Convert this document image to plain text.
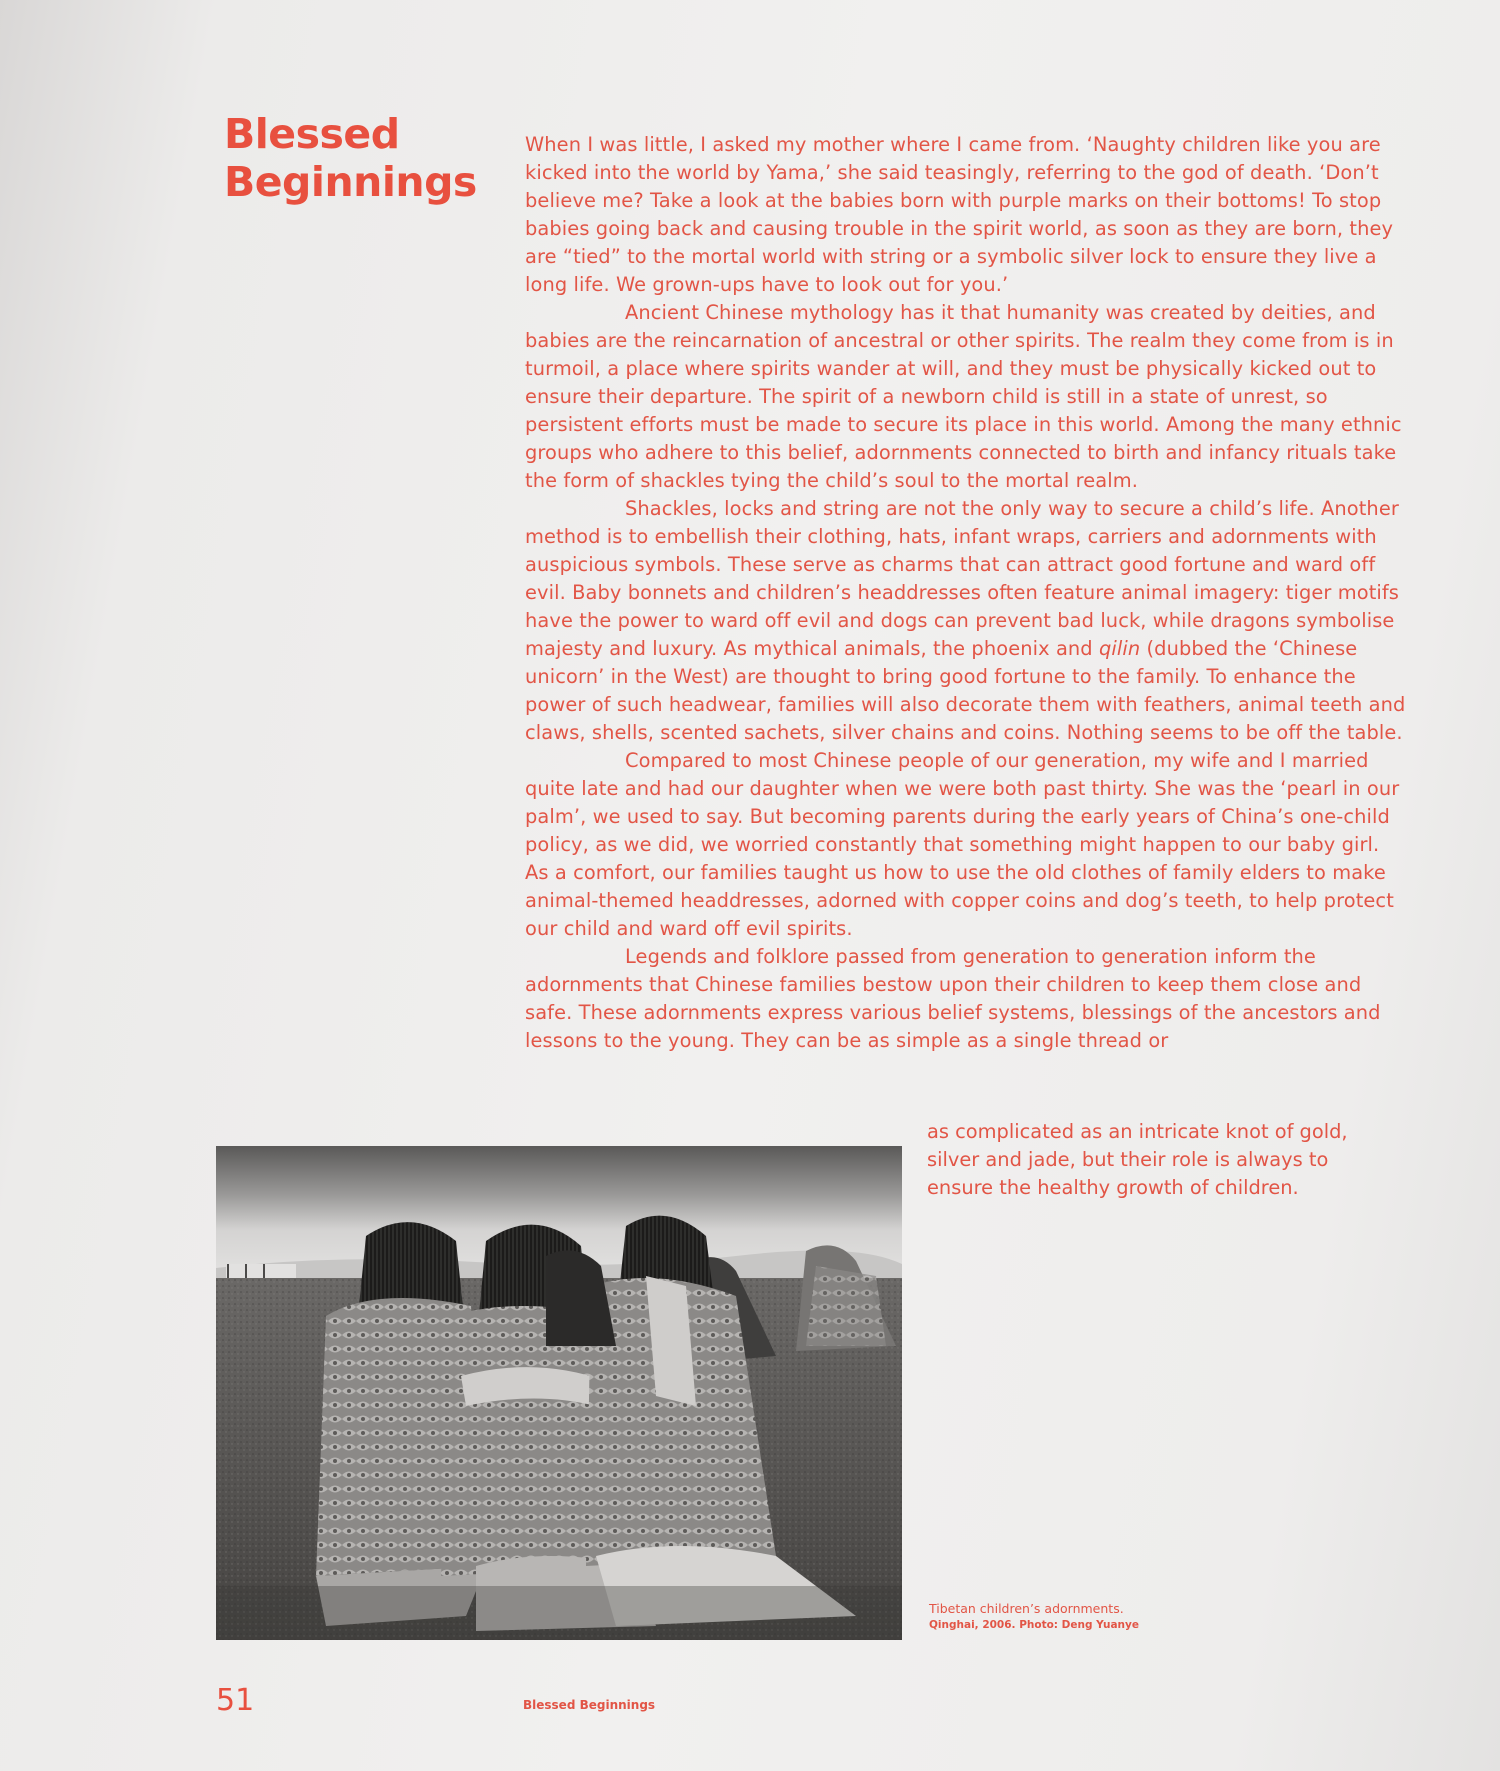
Blessed
Beginnings

When I was little, I asked my mother where I came from. ‘Naughty children like you are kicked into the world by Yama,’ she said teasingly, referring to the god of death. ‘Don’t believe me? Take a look at the babies born with purple marks on their bottoms! To stop babies going back and causing trouble in the spirit world, as soon as they are born, they are “tied” to the mortal world with string or a symbolic silver lock to ensure they live a long life. We grown-ups have to look out for you.’

Ancient Chinese mythology has it that humanity was created by deities, and babies are the reincarnation of ancestral or other spirits. The realm they come from is in turmoil, a place where spirits wander at will, and they must be physically kicked out to ensure their departure. The spirit of a newborn child is still in a state of unrest, so persistent efforts must be made to secure its place in this world. Among the many ethnic groups who adhere to this belief, adornments connected to birth and infancy rituals take the form of shackles tying the child’s soul to the mortal realm.

Shackles, locks and string are not the only way to secure a child’s life. Another method is to embellish their clothing, hats, infant wraps, carriers and adornments with auspicious symbols. These serve as charms that can attract good fortune and ward off evil. Baby bonnets and children’s headdresses often feature animal imagery: tiger motifs have the power to ward off evil and dogs can prevent bad luck, while dragons symbolise majesty and luxury. As mythical animals, the phoenix and qilin (dubbed the ‘Chinese unicorn’ in the West) are thought to bring good fortune to the family. To enhance the power of such headwear, families will also decorate them with feathers, animal teeth and claws, shells, scented sachets, silver chains and coins. Nothing seems to be off the table.

Compared to most Chinese people of our generation, my wife and I married quite late and had our daughter when we were both past thirty. She was the ‘pearl in our palm’, we used to say. But becoming parents during the early years of China’s one-child policy, as we did, we worried constantly that something might happen to our baby girl. As a comfort, our families taught us how to use the old clothes of family elders to make animal-themed headdresses, adorned with copper coins and dog’s teeth, to help protect our child and ward off evil spirits.

Legends and folklore passed from generation to generation inform the adornments that Chinese families bestow upon their children to keep them close and safe. These adornments express various belief systems, blessings of the ancestors and lessons to the young. They can be as simple as a single thread or

as complicated as an intricate knot of gold, silver and jade, but their role is always to ensure the healthy growth of children.

Tibetan children’s adornments.
Qinghai, 2006. Photo: Deng Yuanye
51	Blessed Beginnings
